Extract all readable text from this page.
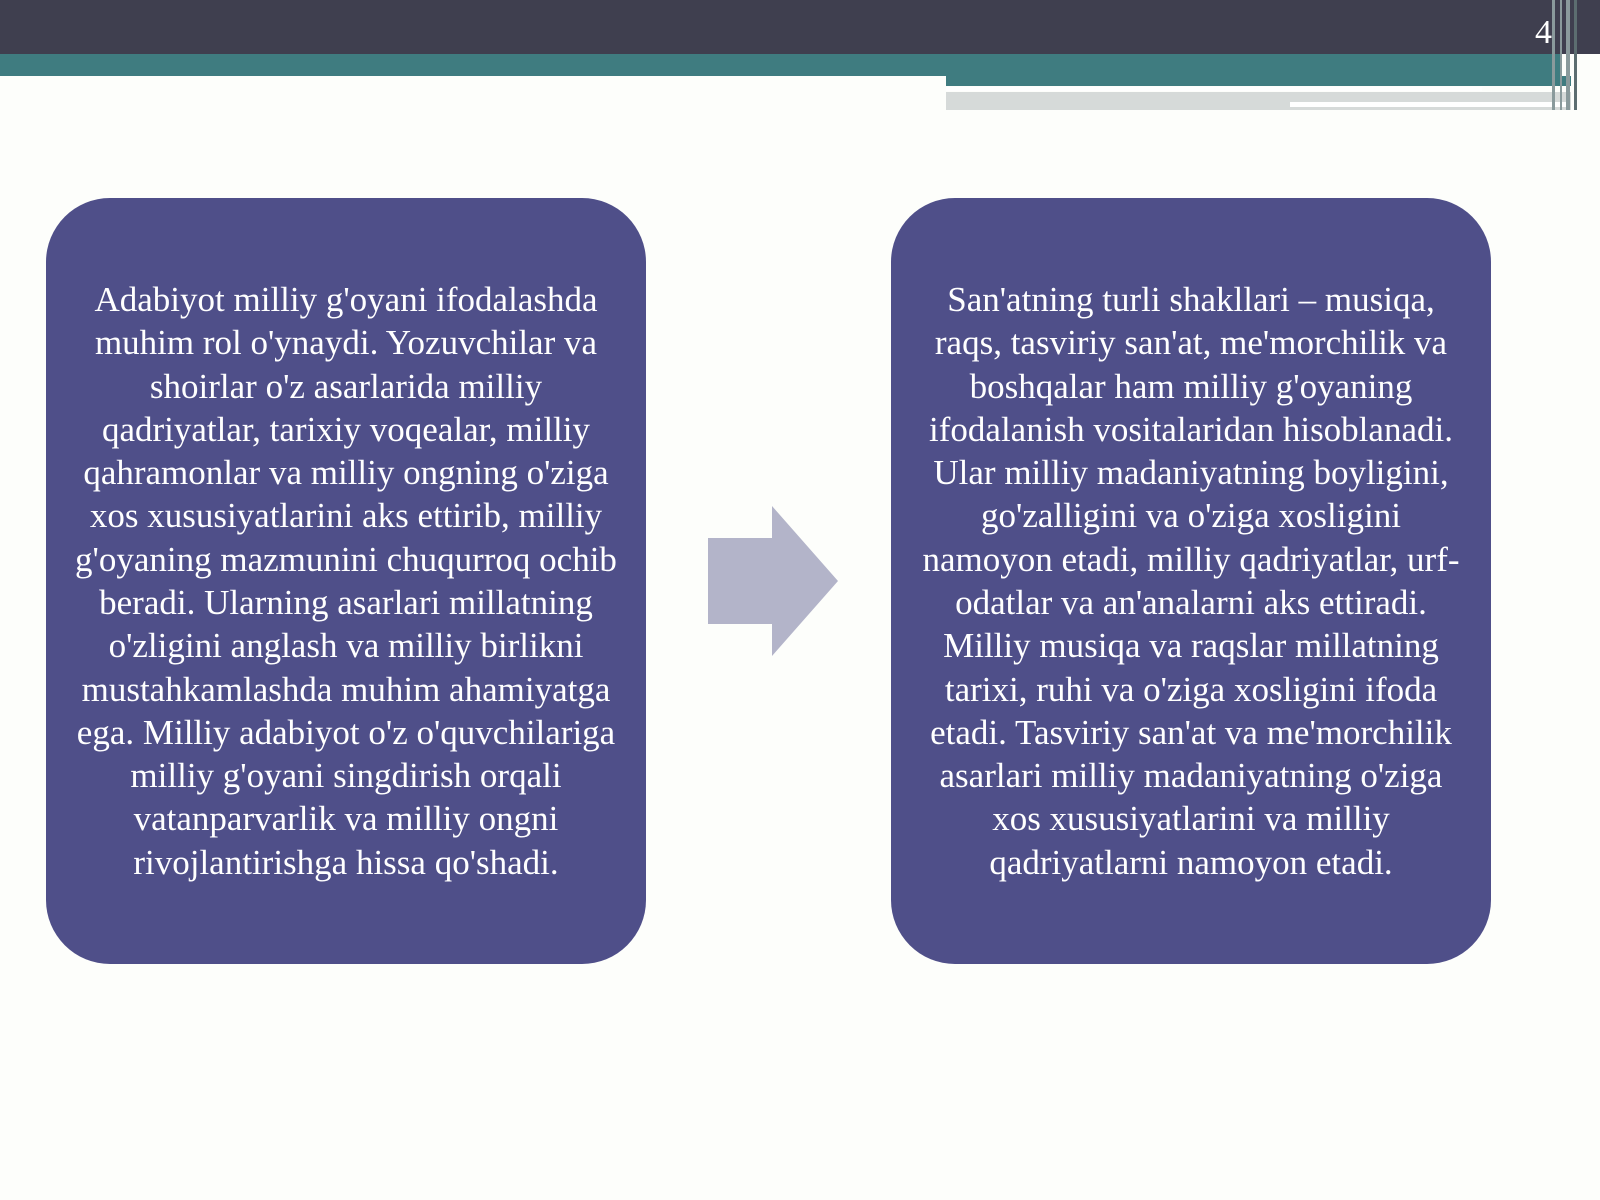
4
Adabiyot milliy g'oyani ifodalashda muhim rol o'ynaydi. Yozuvchilar va shoirlar o'z asarlarida milliy qadriyatlar, tarixiy voqealar, milliy qahramonlar va milliy ongning o'ziga xos xususiyatlarini aks ettirib, milliy g'oyaning mazmunini chuqurroq ochib beradi. Ularning asarlari millatning o'zligini anglash va milliy birlikni mustahkamlashda muhim ahamiyatga ega. Milliy adabiyot o'z o'quvchilariga milliy g'oyani singdirish orqali vatanparvarlik va milliy ongni rivojlantirishga hissa qo'shadi.
San'atning turli shakllari – musiqa, raqs, tasviriy san'at, me'morchilik va boshqalar ham milliy g'oyaning ifodalanish vositalaridan hisoblanadi. Ular milliy madaniyatning boyligini, go'zalligini va o'ziga xosligini namoyon etadi, milliy qadriyatlar, urf-odatlar va an'analarni aks ettiradi. Milliy musiqa va raqslar millatning tarixi, ruhi va o'ziga xosligini ifoda etadi. Tasviriy san'at va me'morchilik asarlari milliy madaniyatning o'ziga xos xususiyatlarini va milliy qadriyatlarni namoyon etadi.
